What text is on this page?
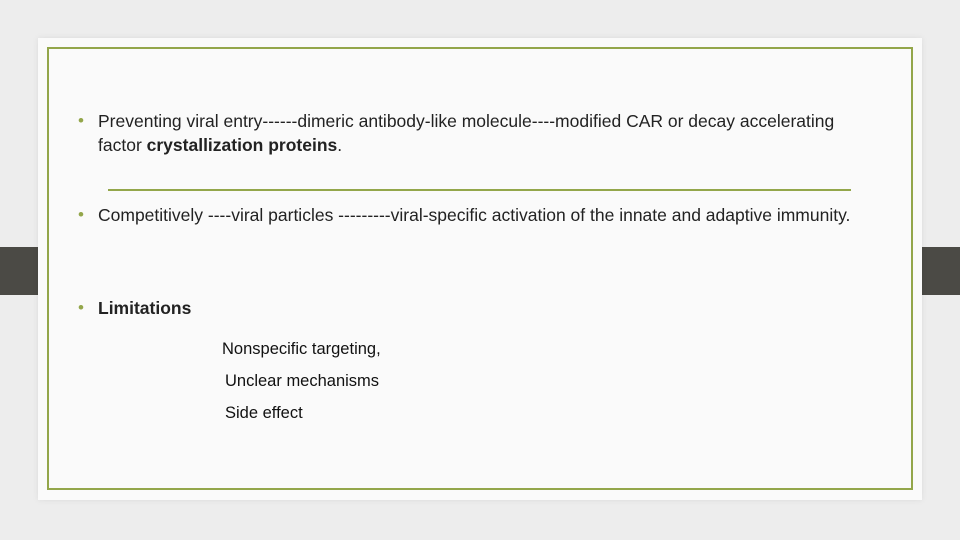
• Preventing viral entry------dimeric antibody-like molecule----modified CAR or decay accelerating factor crystallization proteins.
• Competitively ----viral particles ---------viral-specific activation of the innate and adaptive immunity.
• Limitations
Nonspecific targeting,
Unclear mechanisms
Side effect
